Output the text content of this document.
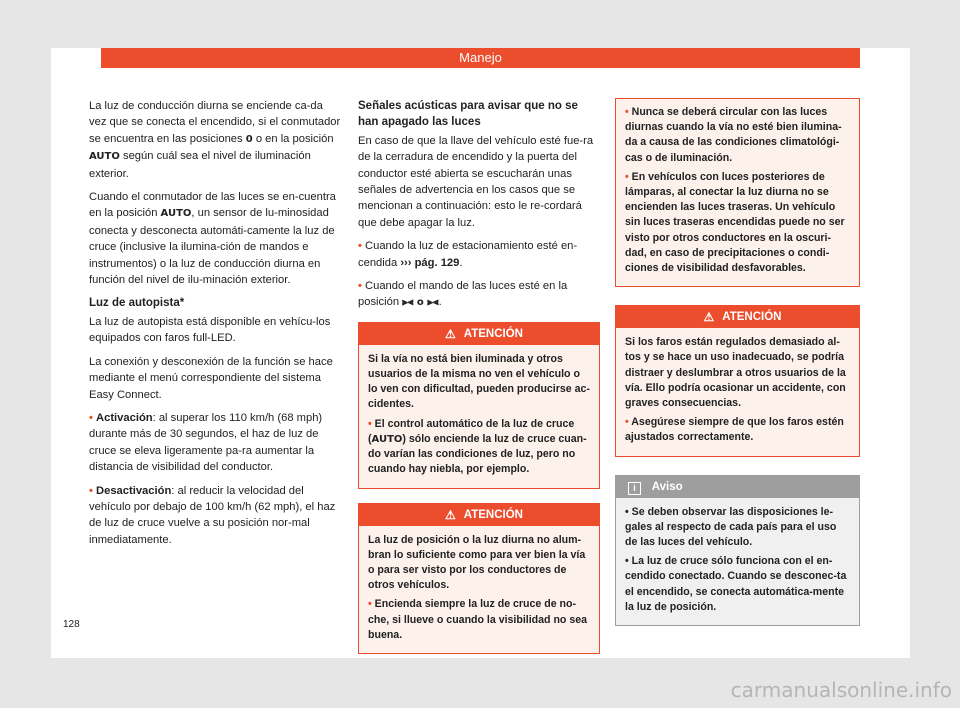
Manejo

La luz de conducción diurna se enciende ca-da vez que se conecta el encendido, si el conmutador se encuentra en las posiciones 0 o en la posición AUTO según cuál sea el nivel de iluminación exterior.

Cuando el conmutador de las luces se en-cuentra en la posición AUTO, un sensor de lu-minosidad conecta y desconecta automáti-camente la luz de cruce (inclusive la ilumina-ción de mandos e instrumentos) o la luz de conducción diurna en función del nivel de ilu-minación exterior.

Luz de autopista*

La luz de autopista está disponible en vehícu-los equipados con faros full-LED.

La conexión y desconexión de la función se hace mediante el menú correspondiente del sistema Easy Connect.

• Activación: al superar los 110 km/h (68 mph) durante más de 30 segundos, el haz de luz de cruce se eleva ligeramente pa-ra aumentar la distancia de visibilidad del conductor.

• Desactivación: al reducir la velocidad del vehículo por debajo de 100 km/h (62 mph), el haz de luz de cruce vuelve a su posición nor-mal inmediatamente.

Señales acústicas para avisar que no se han apagado las luces

En caso de que la llave del vehículo esté fue-ra de la cerradura de encendido y la puerta del conductor esté abierta se escucharán unas señales de advertencia en los casos que se mencionan a continuación: esto le re-cordará que debe apagar la luz.

• Cuando la luz de estacionamiento esté en-cendida ››› pág. 129.

• Cuando el mando de las luces esté en la posición ⫸⫷ o ⫸⫷.

⚠ ATENCIÓN

Si la vía no está bien iluminada y otros usuarios de la misma no ven el vehículo o lo ven con dificultad, pueden producirse ac-cidentes.

• El control automático de la luz de cruce (AUTO) sólo enciende la luz de cruce cuan-do varían las condiciones de luz, pero no cuando hay niebla, por ejemplo.

⚠ ATENCIÓN

La luz de posición o la luz diurna no alum-bran lo suficiente como para ver bien la vía o para ser visto por los conductores de otros vehículos.

• Encienda siempre la luz de cruce de no-che, si llueve o cuando la visibilidad no sea buena.

• Nunca se deberá circular con las luces diurnas cuando la vía no esté bien ilumina-da a causa de las condiciones climatológi-cas o de iluminación.

• En vehículos con luces posteriores de lámparas, al conectar la luz diurna no se encienden las luces traseras. Un vehículo sin luces traseras encendidas puede no ser visto por otros conductores en la oscuri-dad, en caso de precipitaciones o condi-ciones de visibilidad desfavorables.

⚠ ATENCIÓN

Si los faros están regulados demasiado al-tos y se hace un uso inadecuado, se podría distraer y deslumbrar a otros usuarios de la vía. Ello podría ocasionar un accidente, con graves consecuencias.

• Asegúrese siempre de que los faros estén ajustados correctamente.

i Aviso

• Se deben observar las disposiciones le-gales al respecto de cada país para el uso de las luces del vehículo.

• La luz de cruce sólo funciona con el en-cendido conectado. Cuando se desconec-ta el encendido, se conecta automática-mente la luz de posición.

128
carmanualsonline.info
